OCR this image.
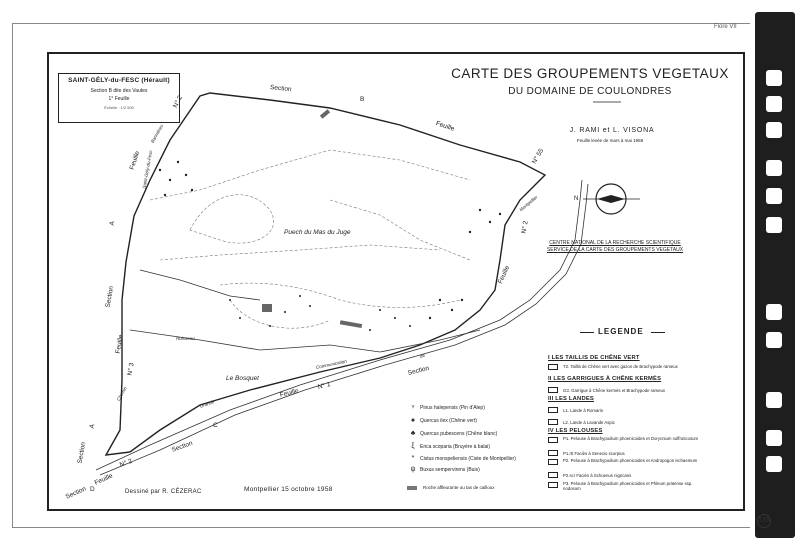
Flore VII
135
SAINT-GÉLY-du-FESC (Hérault)
Section B dite des Vautes
1° Feuille
Échelle : 1/2.500
CARTE DES GROUPEMENTS VEGETAUX
DU DOMAINE DE COULONDRES
J. RAMI et L. VISONA
Feuille levée de mars à mai 1958
N
CENTRE NATIONAL DE LA RECHERCHE SCIENTIFIQUE
SERVICE DE LA CARTE DES GROUPEMENTS VEGETAUX
LEGENDE
I LES TAILLIS DE CHÊNE VERT
T2. Taillis de Chêne vert avec gazon de Brachypode rameux
II LES GARRIGUES À CHÊNE KERMÈS
G3. Garrigue à Chêne kermès et Brachypode rameux
III LES LANDES
L1. Lande à Romarin
L2. Lande à Lavande Aspic
IV LES PELOUSES
P1. Pelouse à Brachypodium phoenicoides et Dorycnium suffruticosum
P1.rtt Faciès à Senecio scorpius
P2. Pelouse à Brachypodium phoenicoides et Andropogon ischaemum
P2.scr Faciès à Schoenus nigricans
P3. Pelouse à Brachypodium phoenicoides et Phleum pratense ssp. nodosum
♆ Pinus halepensis (Pin d'Alep)
♠	Quercus ilex (Chêne vert)
♣ Quercus pubescens (Chêne blanc)
ξ	Erica scoparia (Bruyère à balai)
*	Cistus monspeliensis (Ciste de Montpellier)
ψ Buxus sempervirens (Buis)
Roche affleurante ou tas de cailloux
Dessiné par R. CÉZERAC	Montpellier 15 octobre 1958
Section
B
Feuille
N° 55
N° 2
Feuille
Montpellier
N° 2
Feuille
A
Section
Saint-Gély-du-Fesc
Bannières
Puech du Mas du Juge
Le Bosquet
N° 3
Feuille
A
Section
Feuille
N° 1
Section
C
Section
N° 2
Feuille
Section D
Communication
de
Chemin
Grande
Ruisseau
